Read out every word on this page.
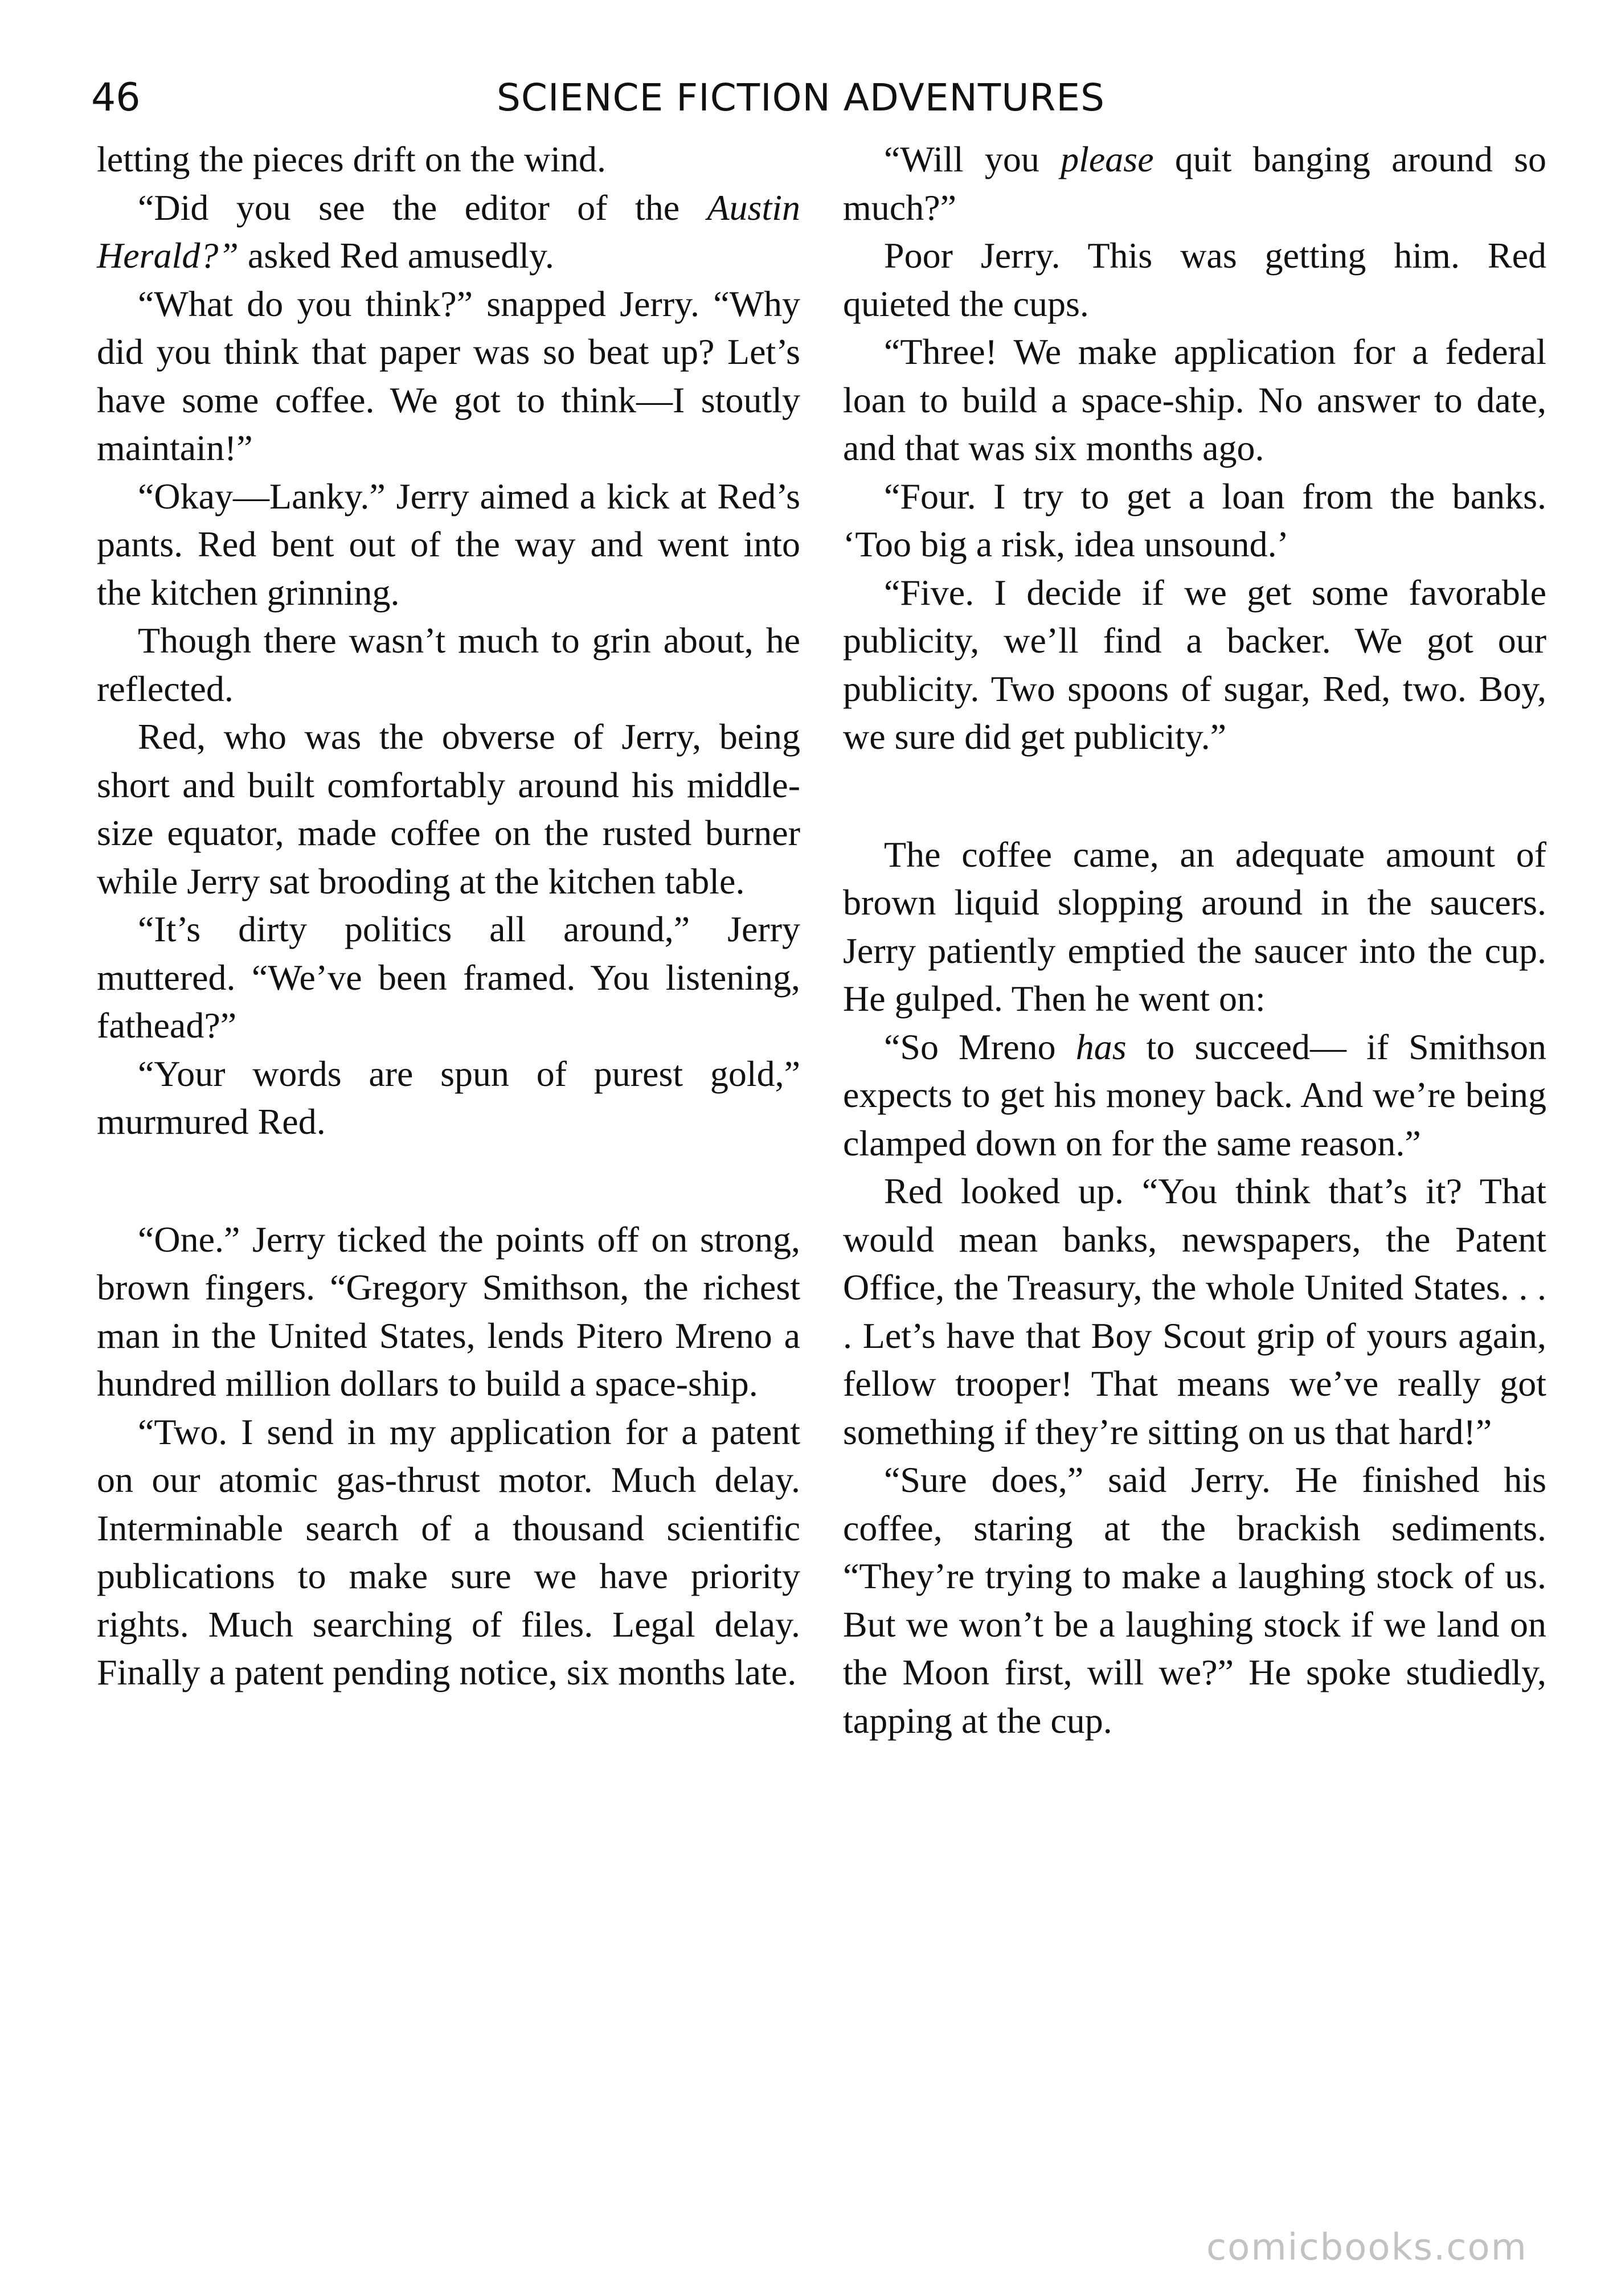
46	SCIENCE FICTION ADVENTURES

letting the pieces drift on the wind.

“Did you see the editor of the Austin Herald?” asked Red amusedly.

“What do you think?” snapped Jerry. “Why did you think that paper was so beat up? Let’s have some coffee. We got to think—I stoutly maintain!”

“Okay—Lanky.” Jerry aimed a kick at Red’s pants. Red bent out of the way and went into the kitchen grinning.

Though there wasn’t much to grin about, he reflected.

Red, who was the obverse of Jerry, being short and built comfortably around his middle-size equator, made coffee on the rusted burner while Jerry sat brooding at the kitchen table.

“It’s dirty politics all around,” Jerry muttered. “We’ve been framed. You listening, fathead?”

“Your words are spun of purest gold,” murmured Red.

“One.” Jerry ticked the points off on strong, brown fingers. “Gregory Smithson, the richest man in the United States, lends Pitero Mreno a hundred million dollars to build a space-ship.

“Two. I send in my application for a patent on our atomic gas-thrust motor. Much delay. Interminable search of a thousand scientific publications to make sure we have priority rights. Much searching of files. Legal delay. Finally a patent pending notice, six months late.

“Will you please quit banging around so much?”

Poor Jerry. This was getting him. Red quieted the cups.

“Three! We make application for a federal loan to build a space-ship. No answer to date, and that was six months ago.

“Four. I try to get a loan from the banks. ‘Too big a risk, idea unsound.’

“Five. I decide if we get some favorable publicity, we’ll find a backer. We got our publicity. Two spoons of sugar, Red, two. Boy, we sure did get publicity.”

The coffee came, an adequate amount of brown liquid slopping around in the saucers. Jerry patiently emptied the saucer into the cup. He gulped. Then he went on:

“So Mreno has to succeed— if Smithson expects to get his money back. And we’re being clamped down on for the same reason.”

Red looked up. “You think that’s it? That would mean banks, newspapers, the Patent Office, the Treasury, the whole United States. . . . Let’s have that Boy Scout grip of yours again, fellow trooper! That means we’ve really got something if they’re sitting on us that hard!”

“Sure does,” said Jerry. He finished his coffee, staring at the brackish sediments. “They’re trying to make a laughing stock of us. But we won’t be a laughing stock if we land on the Moon first, will we?” He spoke studiedly, tapping at the cup.

comicbooks.com
